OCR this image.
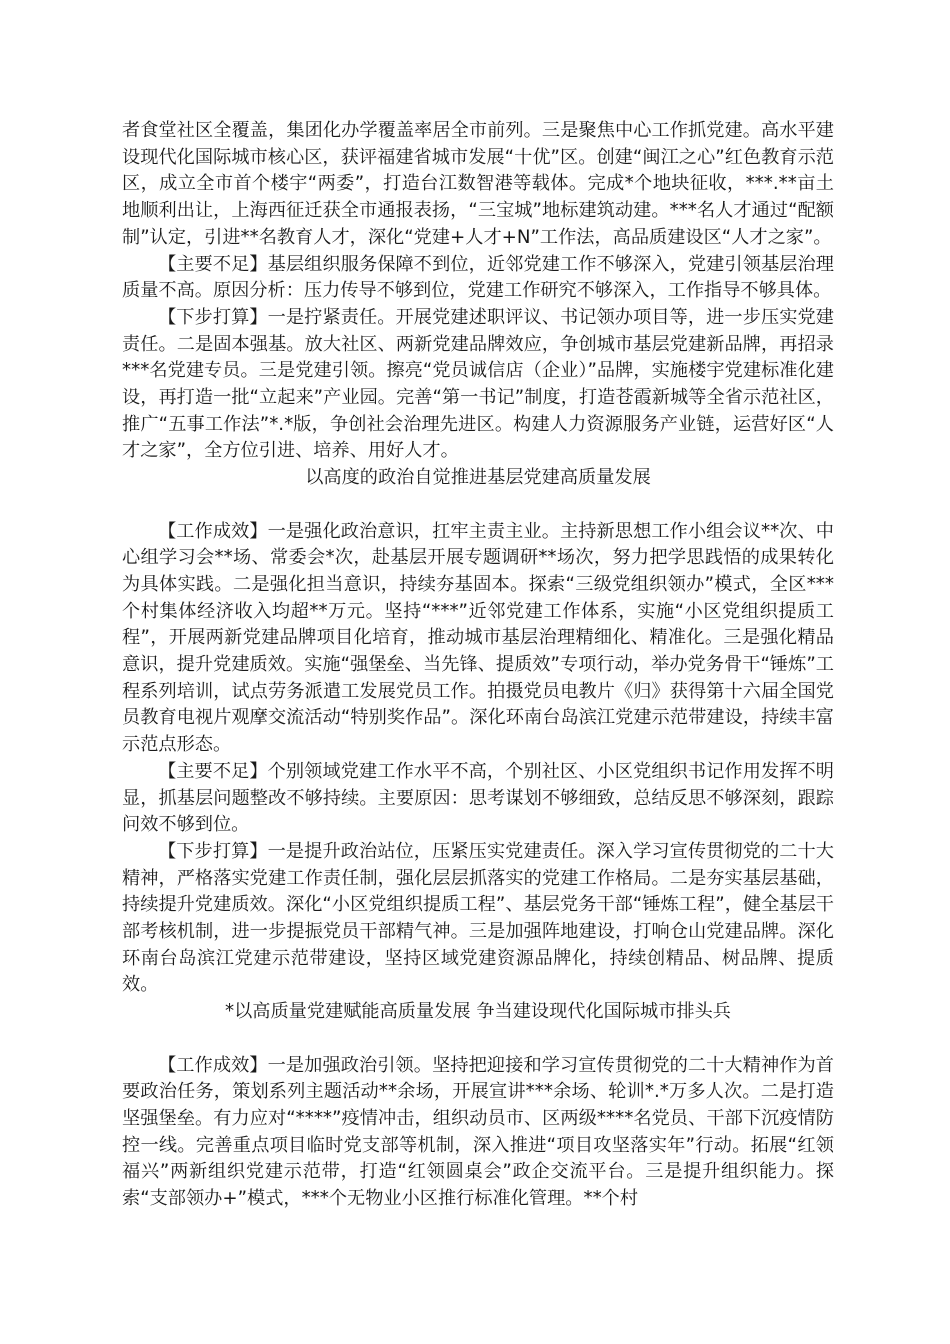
者食堂社区全覆盖，集团化办学覆盖率居全市前列。三是聚焦中心工作抓党建。高水平建设现代化国际城市核心区，获评福建省城市发展“十优”区。创建“闽江之心”红色教育示范区，成立全市首个楼宇“两委”，打造台江数智港等载体。完成*个地块征收，***.**亩土地顺利出让，上海西征迁获全市通报表扬，“三宝城”地标建筑动建。***名人才通过“配额制”认定，引进**名教育人才，深化“党建+人才+N”工作法，高品质建设区“人才之家”。

【主要不足】基层组织服务保障不到位，近邻党建工作不够深入，党建引领基层治理质量不高。原因分析：压力传导不够到位，党建工作研究不够深入，工作指导不够具体。

【下步打算】一是拧紧责任。开展党建述职评议、书记领办项目等，进一步压实党建责任。二是固本强基。放大社区、两新党建品牌效应，争创城市基层党建新品牌，再招录***名党建专员。三是党建引领。擦亮“党员诚信店（企业）”品牌，实施楼宇党建标准化建设，再打造一批“立起来”产业园。完善“第一书记”制度，打造苍霞新城等全省示范社区，推广“五事工作法”*.*版，争创社会治理先进区。构建人力资源服务产业链，运营好区“人才之家”，全方位引进、培养、用好人才。

以高度的政治自觉推进基层党建高质量发展

【工作成效】一是强化政治意识，扛牢主责主业。主持新思想工作小组会议**次、中心组学习会**场、常委会*次，赴基层开展专题调研**场次，努力把学思践悟的成果转化为具体实践。二是强化担当意识，持续夯基固本。探索“三级党组织领办”模式，全区***个村集体经济收入均超**万元。坚持“***”近邻党建工作体系，实施“小区党组织提质工程”，开展两新党建品牌项目化培育，推动城市基层治理精细化、精准化。三是强化精品意识，提升党建质效。实施“强堡垒、当先锋、提质效”专项行动，举办党务骨干“锤炼”工程系列培训，试点劳务派遣工发展党员工作。拍摄党员电教片《归》获得第十六届全国党员教育电视片观摩交流活动“特别奖作品”。深化环南台岛滨江党建示范带建设，持续丰富示范点形态。

【主要不足】个别领域党建工作水平不高，个别社区、小区党组织书记作用发挥不明显，抓基层问题整改不够持续。主要原因：思考谋划不够细致，总结反思不够深刻，跟踪问效不够到位。

【下步打算】一是提升政治站位，压紧压实党建责任。深入学习宣传贯彻党的二十大精神，严格落实党建工作责任制，强化层层抓落实的党建工作格局。二是夯实基层基础，持续提升党建质效。深化“小区党组织提质工程”、基层党务干部“锤炼工程”，健全基层干部考核机制，进一步提振党员干部精气神。三是加强阵地建设，打响仓山党建品牌。深化环南台岛滨江党建示范带建设，坚持区域党建资源品牌化，持续创精品、树品牌、提质效。

*以高质量党建赋能高质量发展 争当建设现代化国际城市排头兵

【工作成效】一是加强政治引领。坚持把迎接和学习宣传贯彻党的二十大精神作为首要政治任务，策划系列主题活动**余场，开展宣讲***余场、轮训*.*万多人次。二是打造坚强堡垒。有力应对“****”疫情冲击，组织动员市、区两级****名党员、干部下沉疫情防控一线。完善重点项目临时党支部等机制，深入推进“项目攻坚落实年”行动。拓展“红领福兴”两新组织党建示范带，打造“红领圆桌会”政企交流平台。三是提升组织能力。探索“支部领办+”模式，***个无物业小区推行标准化管理。**个村
